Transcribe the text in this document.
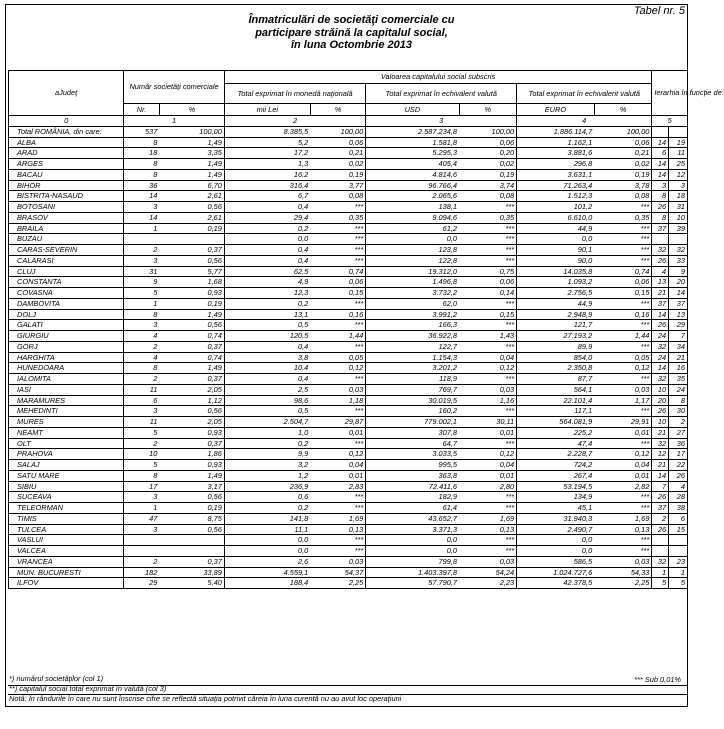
Tabel nr. 5
Înmatriculări de societăţi comerciale cu
participare străină la capitalul social,
în luna Octombrie 2013
aJudeţ	Număr societăţi comerciale		Valoarea capitalului social subscris						Ierarhia în funcţie de:	
			Total exprimat în monedă naţională		Total exprimat în echivalent valută		Total exprimat în echivalent valută			
	Nr.	%	mii Lei	%	USD	%	EURO	%		
0	1		2		3		4		5	
Total ROMÂNIA, din care:	537	100,00	8.385,5	100,00	2.587.234,8	100,00	1.886.114,7	100,00		
ALBA	8	1,49	5,2	0,06	1.581,8	0,06	1.162,1	0,06	14	19
ARAD	18	3,35	17,2	0,21	5.295,3	0,20	3.881,6	0,21	6	11
ARGES	8	1,49	1,3	0,02	405,4	0,02	296,8	0,02	14	25
BACAU	8	1,49	16,2	0,19	4.814,6	0,19	3.631,1	0,19	14	12
BIHOR	36	6,70	316,4	3,77	96.766,4	3,74	71.263,4	3,78	3	3
BISTRITA-NASAUD	14	2,61	6,7	0,08	2.065,6	0,08	1.512,3	0,08	8	18
BOTOSANI	3	0,56	0,4	***	138,1	***	101,2	***	26	31
BRASOV	14	2,61	29,4	0,35	9.094,6	0,35	6.610,0	0,35	8	10
BRAILA	1	0,19	0,2	***	61,2	***	44,9	***	37	39
BUZAU			0,0	***	0,0	***	0,0	***		
CARAS-SEVERIN	2	0,37	0,4	***	123,8	***	90,1	***	32	32
CALARASI	3	0,56	0,4	***	122,8	***	90,0	***	26	33
CLUJ	31	5,77	62,5	0,74	19.312,0	0,75	14.035,8	0,74	4	9
CONSTANTA	9	1,68	4,9	0,06	1.496,8	0,06	1.093,2	0,06	13	20
COVASNA	5	0,93	12,3	0,15	3.732,2	0,14	2.756,5	0,15	21	14
DAMBOVITA	1	0,19	0,2	***	62,0	***	44,9	***	37	37
DOLJ	8	1,49	13,1	0,16	3.991,2	0,15	2.948,9	0,16	14	13
GALATI	3	0,56	0,5	***	166,3	***	121,7	***	26	29
GIURGIU	4	0,74	120,5	1,44	36.922,8	1,43	27.193,2	1,44	24	7
GORJ	2	0,37	0,4	***	122,7	***	89,9	***	32	34
HARGHITA	4	0,74	3,8	0,05	1.154,3	0,04	854,0	0,05	24	21
HUNEDOARA	8	1,49	10,4	0,12	3.201,2	0,12	2.350,8	0,12	14	16
IALOMITA	2	0,37	0,4	***	118,9	***	87,7	***	32	35
IASI	11	2,05	2,5	0,03	769,7	0,03	564,1	0,03	10	24
MARAMURES	6	1,12	98,6	1,18	30.019,5	1,16	22.101,4	1,17	20	8
MEHEDINTI	3	0,56	0,5	***	160,2	***	117,1	***	26	30
MURES	11	2,05	2.504,7	29,87	779.002,1	30,11	564.081,9	29,91	10	2
NEAMT	5	0,93	1,0	0,01	307,8	0,01	225,2	0,01	21	27
OLT	2	0,37	0,2	***	64,7	***	47,4	***	32	36
PRAHOVA	10	1,86	9,9	0,12	3.033,5	0,12	2.228,7	0,12	12	17
SALAJ	5	0,93	3,2	0,04	995,5	0,04	724,2	0,04	21	22
SATU MARE	8	1,49	1,2	0,01	363,8	0,01	267,4	0,01	14	26
SIBIU	17	3,17	236,9	2,83	72.411,6	2,80	53.194,5	2,82	7	4
SUCEAVA	3	0,56	0,6	***	182,9	***	134,9	***	26	28
TELEORMAN	1	0,19	0,2	***	61,4	***	45,1	***	37	38
TIMIS	47	8,75	141,8	1,69	43.652,7	1,69	31.940,3	1,69	2	6
TULCEA	3	0,56	11,1	0,13	3.371,3	0,13	2.490,7	0,13	26	15
VASLUI			0,0	***	0,0	***	0,0	***		
VALCEA			0,0	***	0,0	***	0,0	***		
VRANCEA	2	0,37	2,6	0,03	799,8	0,03	586,5	0,03	32	23
MUN. BUCURESTI	182	33,89	4.559,1	54,37	1.403.397,8	54,24	1.024.727,6	54,33	1	1
ILFOV	29	5,40	188,4	2,25	57.790,7	2,23	42.378,5	2,25	5	5
*) numărul societăţilor (col 1)
**) capitalul social total exprimat în valută (col 3)
Notă: În rândurile în care nu sunt înscrise cifre se reflectă situaţia potrivit căreia în luna curentă nu au avut loc operaţiuni
*** Sub 0,01%
